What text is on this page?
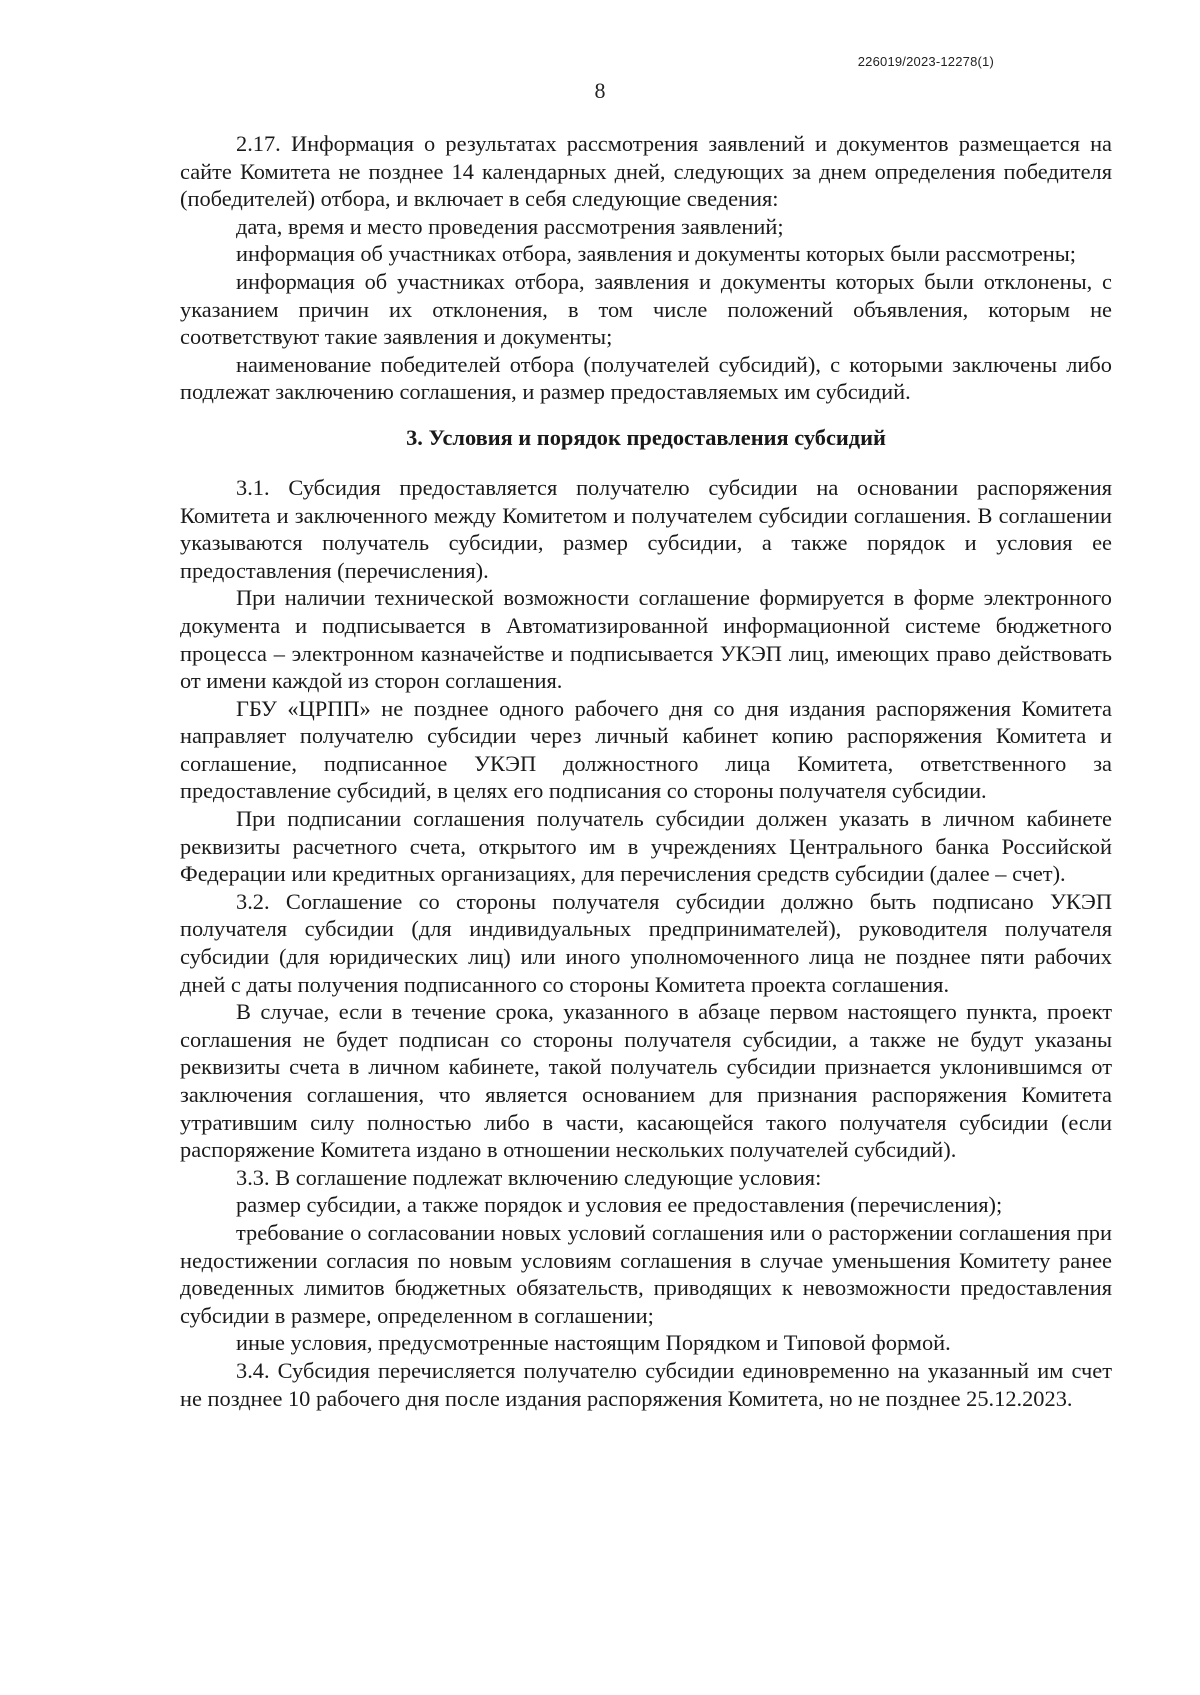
226019/2023-12278(1)
8

2.17. Информация о результатах рассмотрения заявлений и документов размещается на сайте Комитета не позднее 14 календарных дней, следующих за днем определения победителя (победителей) отбора, и включает в себя следующие сведения:

дата, время и место проведения рассмотрения заявлений;

информация об участниках отбора, заявления и документы которых были рассмотрены;

информация об участниках отбора, заявления и документы которых были отклонены, с указанием причин их отклонения, в том числе положений объявления, которым не соответствуют такие заявления и документы;

наименование победителей отбора (получателей субсидий), с которыми заключены либо подлежат заключению соглашения, и размер предоставляемых им субсидий.

3. Условия и порядок предоставления субсидий

3.1. Субсидия предоставляется получателю субсидии на основании распоряжения Комитета и заключенного между Комитетом и получателем субсидии соглашения. В соглашении указываются получатель субсидии, размер субсидии, а также порядок и условия ее предоставления (перечисления).

При наличии технической возможности соглашение формируется в форме электронного документа и подписывается в Автоматизированной информационной системе бюджетного процесса – электронном казначействе и подписывается УКЭП лиц, имеющих право действовать от имени каждой из сторон соглашения.

ГБУ «ЦРПП» не позднее одного рабочего дня со дня издания распоряжения Комитета направляет получателю субсидии через личный кабинет копию распоряжения Комитета и соглашение, подписанное УКЭП должностного лица Комитета, ответственного за предоставление субсидий, в целях его подписания со стороны получателя субсидии.

При подписании соглашения получатель субсидии должен указать в личном кабинете реквизиты расчетного счета, открытого им в учреждениях Центрального банка Российской Федерации или кредитных организациях, для перечисления средств субсидии (далее – счет).

3.2. Соглашение со стороны получателя субсидии должно быть подписано УКЭП получателя субсидии (для индивидуальных предпринимателей), руководителя получателя субсидии (для юридических лиц) или иного уполномоченного лица не позднее пяти рабочих дней с даты получения подписанного со стороны Комитета проекта соглашения.

В случае, если в течение срока, указанного в абзаце первом настоящего пункта, проект соглашения не будет подписан со стороны получателя субсидии, а также не будут указаны реквизиты счета в личном кабинете, такой получатель субсидии признается уклонившимся от заключения соглашения, что является основанием для признания распоряжения Комитета утратившим силу полностью либо в части, касающейся такого получателя субсидии (если распоряжение Комитета издано в отношении нескольких получателей субсидий).

3.3. В соглашение подлежат включению следующие условия:

размер субсидии, а также порядок и условия ее предоставления (перечисления);

требование о согласовании новых условий соглашения или о расторжении соглашения при недостижении согласия по новым условиям соглашения в случае уменьшения Комитету ранее доведенных лимитов бюджетных обязательств, приводящих к невозможности предоставления субсидии в размере, определенном в соглашении;

иные условия, предусмотренные настоящим Порядком и Типовой формой.

3.4. Субсидия перечисляется получателю субсидии единовременно на указанный им счет не позднее 10 рабочего дня после издания распоряжения Комитета, но не позднее 25.12.2023.
